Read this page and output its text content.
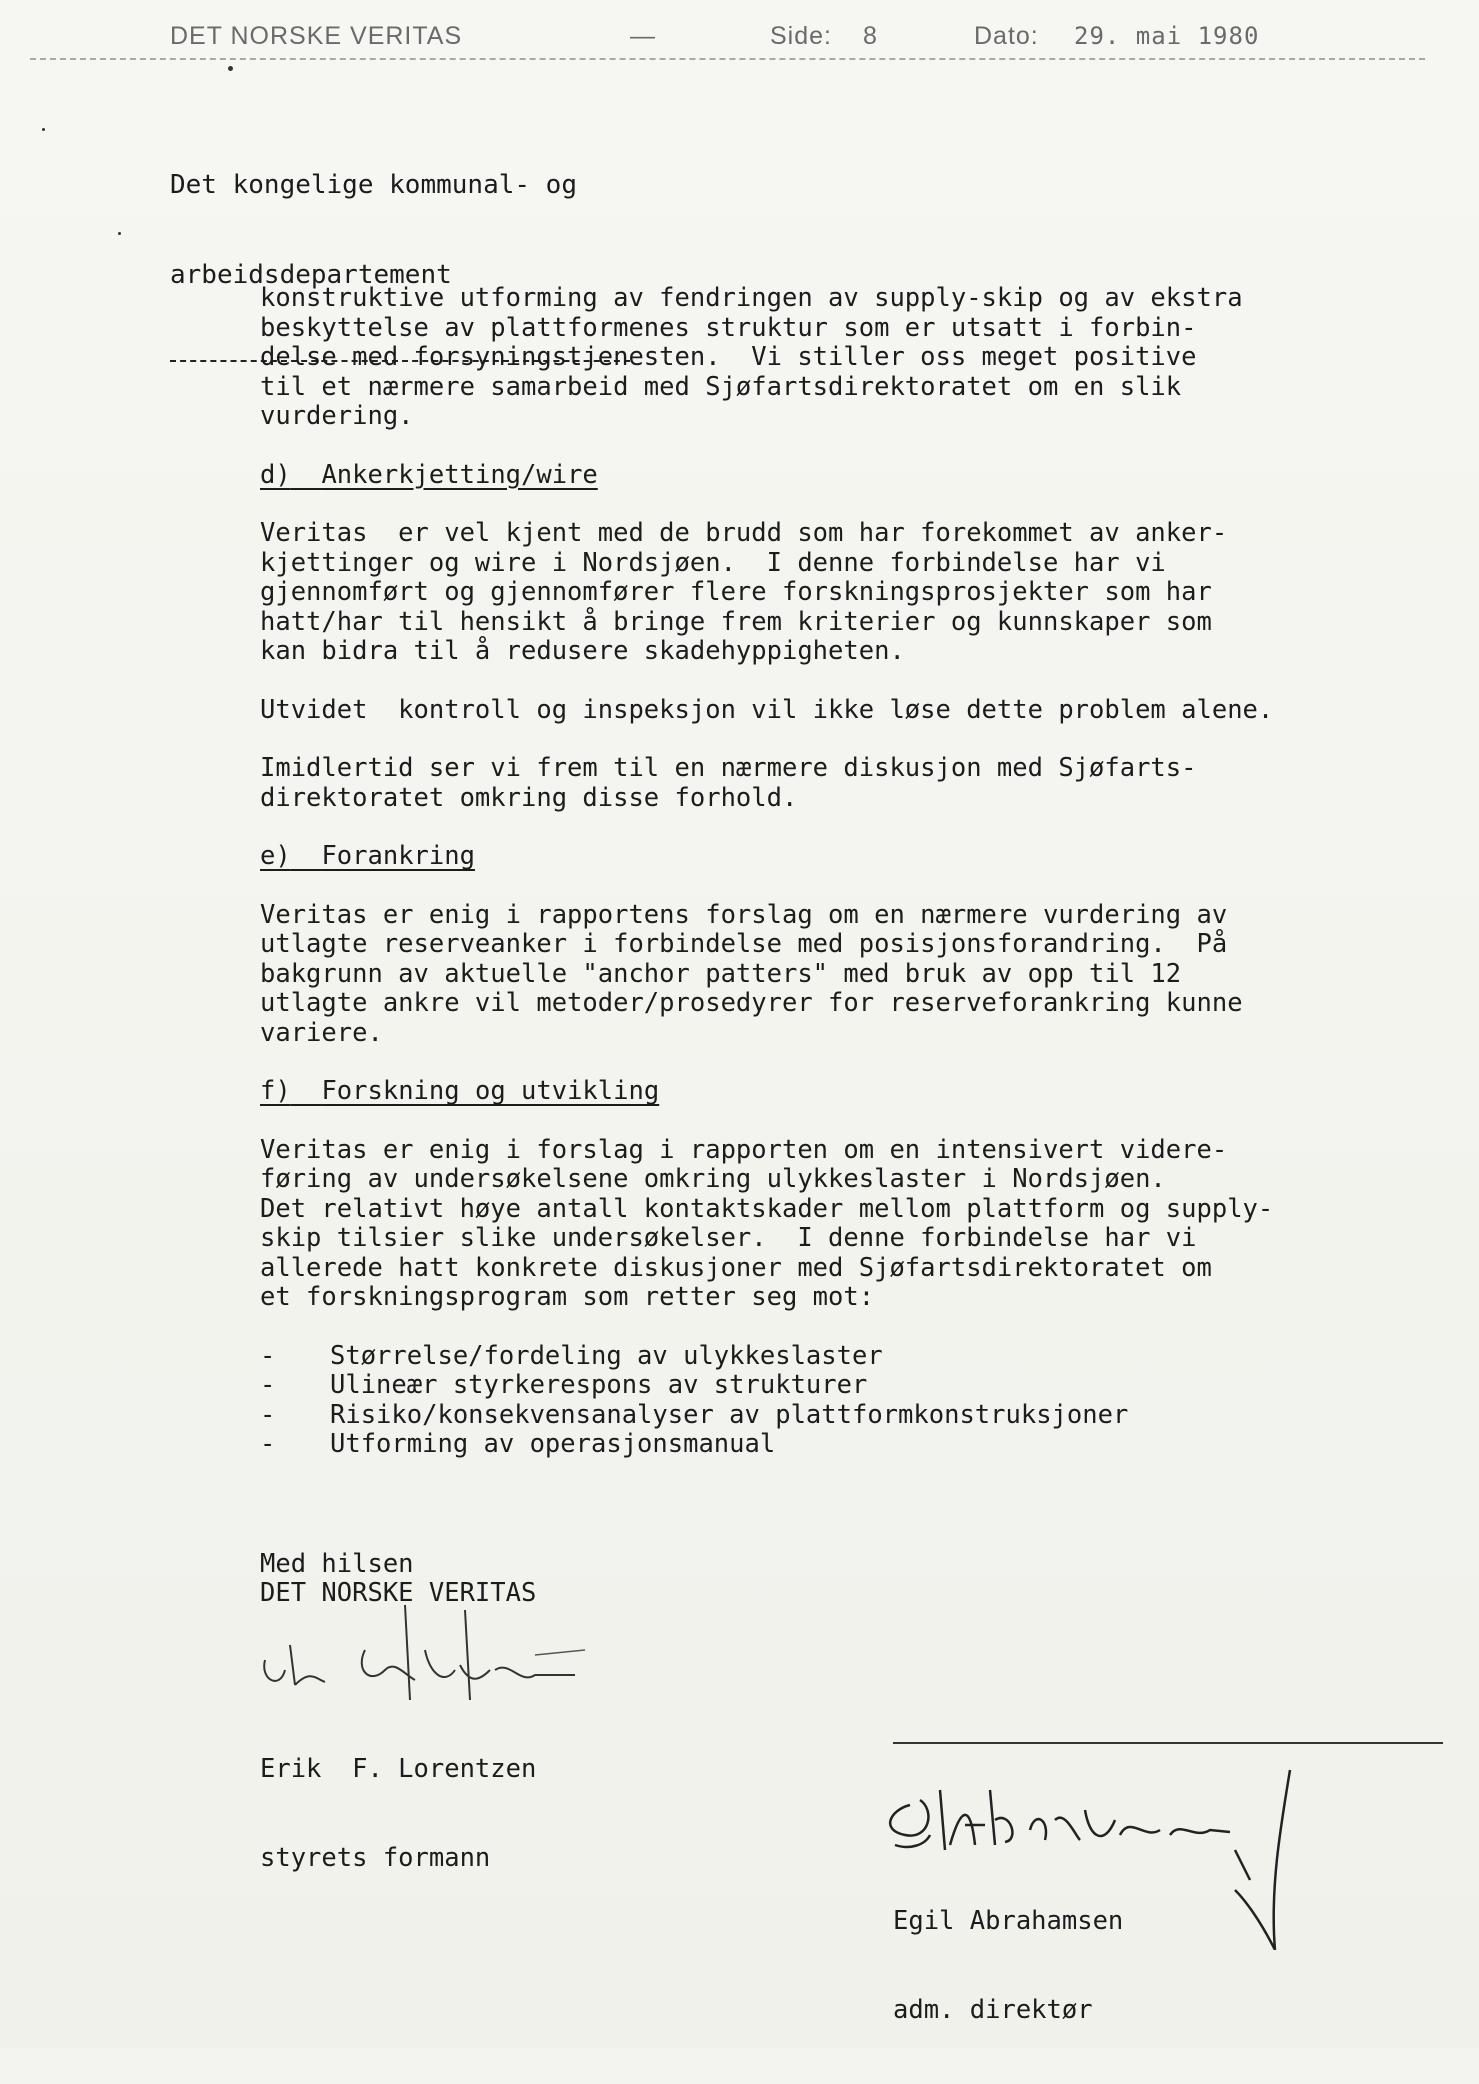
DET NORSKE VERITAS	—	Side: 8	Dato: 29. mai 1980

Det kongelige kommunal- og

arbeidsdepartement

konstruktive utforming av fendringen av supply-skip og av ekstra
beskyttelse av plattformenes struktur som er utsatt i forbin-
delse med forsyningstjenesten.  Vi stiller oss meget positive
til et nærmere samarbeid med Sjøfartsdirektoratet om en slik
vurdering.

d) Ankerkjetting/wire

Veritas  er vel kjent med de brudd som har forekommet av anker-
kjettinger og wire i Nordsjøen.  I denne forbindelse har vi
gjennomført og gjennomfører flere forskningsprosjekter som har
hatt/har til hensikt å bringe frem kriterier og kunnskaper som
kan bidra til å redusere skadehyppigheten.

Utvidet  kontroll og inspeksjon vil ikke løse dette problem alene.

Imidlertid ser vi frem til en nærmere diskusjon med Sjøfarts-
direktoratet omkring disse forhold.

e) Forankring

Veritas er enig i rapportens forslag om en nærmere vurdering av
utlagte reserveanker i forbindelse med posisjonsforandring.  På
bakgrunn av aktuelle "anchor patters" med bruk av opp til 12
utlagte ankre vil metoder/prosedyrer for reserveforankring kunne
variere.

f) Forskning og utvikling

Veritas er enig i forslag i rapporten om en intensivert videre-
føring av undersøkelsene omkring ulykkeslaster i Nordsjøen.
Det relativt høye antall kontaktskader mellom plattform og supply-
skip tilsier slike undersøkelser.  I denne forbindelse har vi
allerede hatt konkrete diskusjoner med Sjøfartsdirektoratet om
et forskningsprogram som retter seg mot:

-	Størrelse/fordeling av ulykkeslaster
-	Ulineær styrkerespons av strukturer
-	Risiko/konsekvensanalyser av plattformkonstruksjoner
-	Utforming av operasjonsmanual

Med hilsen

DET NORSKE VERITAS

Erik  F. Lorentzen

styrets formann

Egil Abrahamsen

adm. direktør
